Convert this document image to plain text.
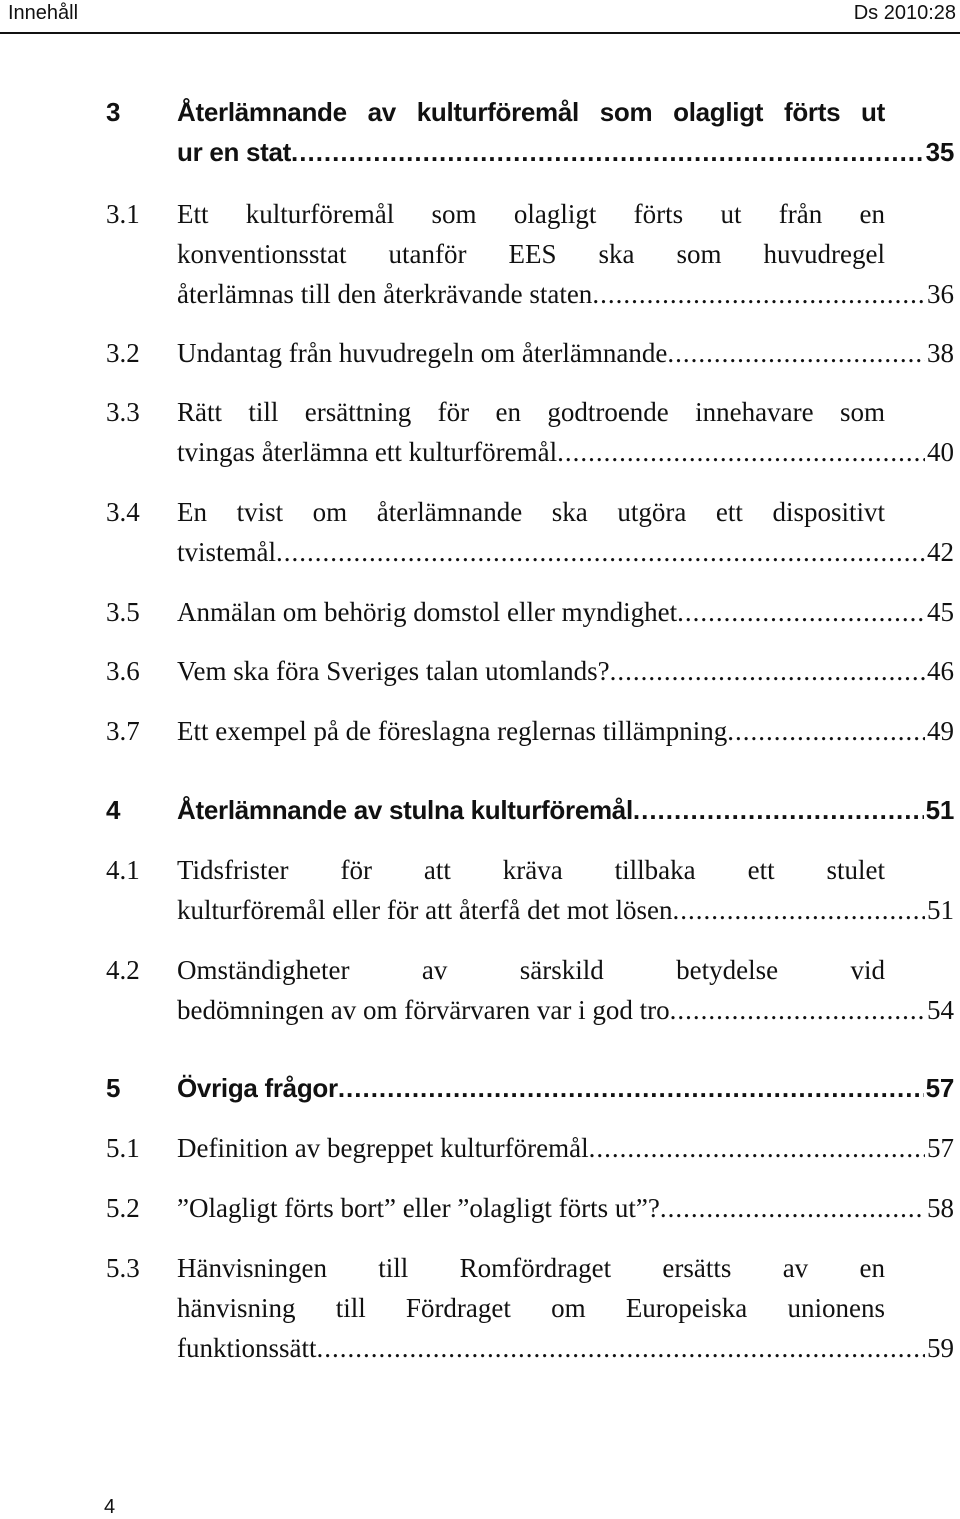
Innehåll	Ds 2010:28
3 Återlämnande av kulturföremål som olagligt förts ut
ur en stat .....	35
3.1 Ett kulturföremål som olagligt förts ut från en
konventionsstat utanför EES ska som huvudregel
återlämnas till den återkrävande staten .....	36
3.2 Undantag från huvudregeln om återlämnande .....	38
3.3 Rätt till ersättning för en godtroende innehavare som
tvingas återlämna ett kulturföremål .....	40
3.4 En tvist om återlämnande ska utgöra ett dispositivt
tvistemål .....	42
3.5 Anmälan om behörig domstol eller myndighet .....	45
3.6 Vem ska föra Sveriges talan utomlands? .....	46
3.7 Ett exempel på de föreslagna reglernas tillämpning .....	49
4 Återlämnande av stulna kulturföremål .....	51
4.1 Tidsfrister för att kräva tillbaka ett stulet
kulturföremål eller för att återfå det mot lösen .....	51
4.2 Omständigheter av särskild betydelse vid
bedömningen av om förvärvaren var i god tro .....	54
5 Övriga frågor .....	57
5.1 Definition av begreppet kulturföremål .....	57
5.2 ”Olagligt förts bort” eller ”olagligt förts ut”? .....	58
5.3 Hänvisningen till Romfördraget ersätts av en
hänvisning till Fördraget om Europeiska unionens
funktionssätt .....	59
4
